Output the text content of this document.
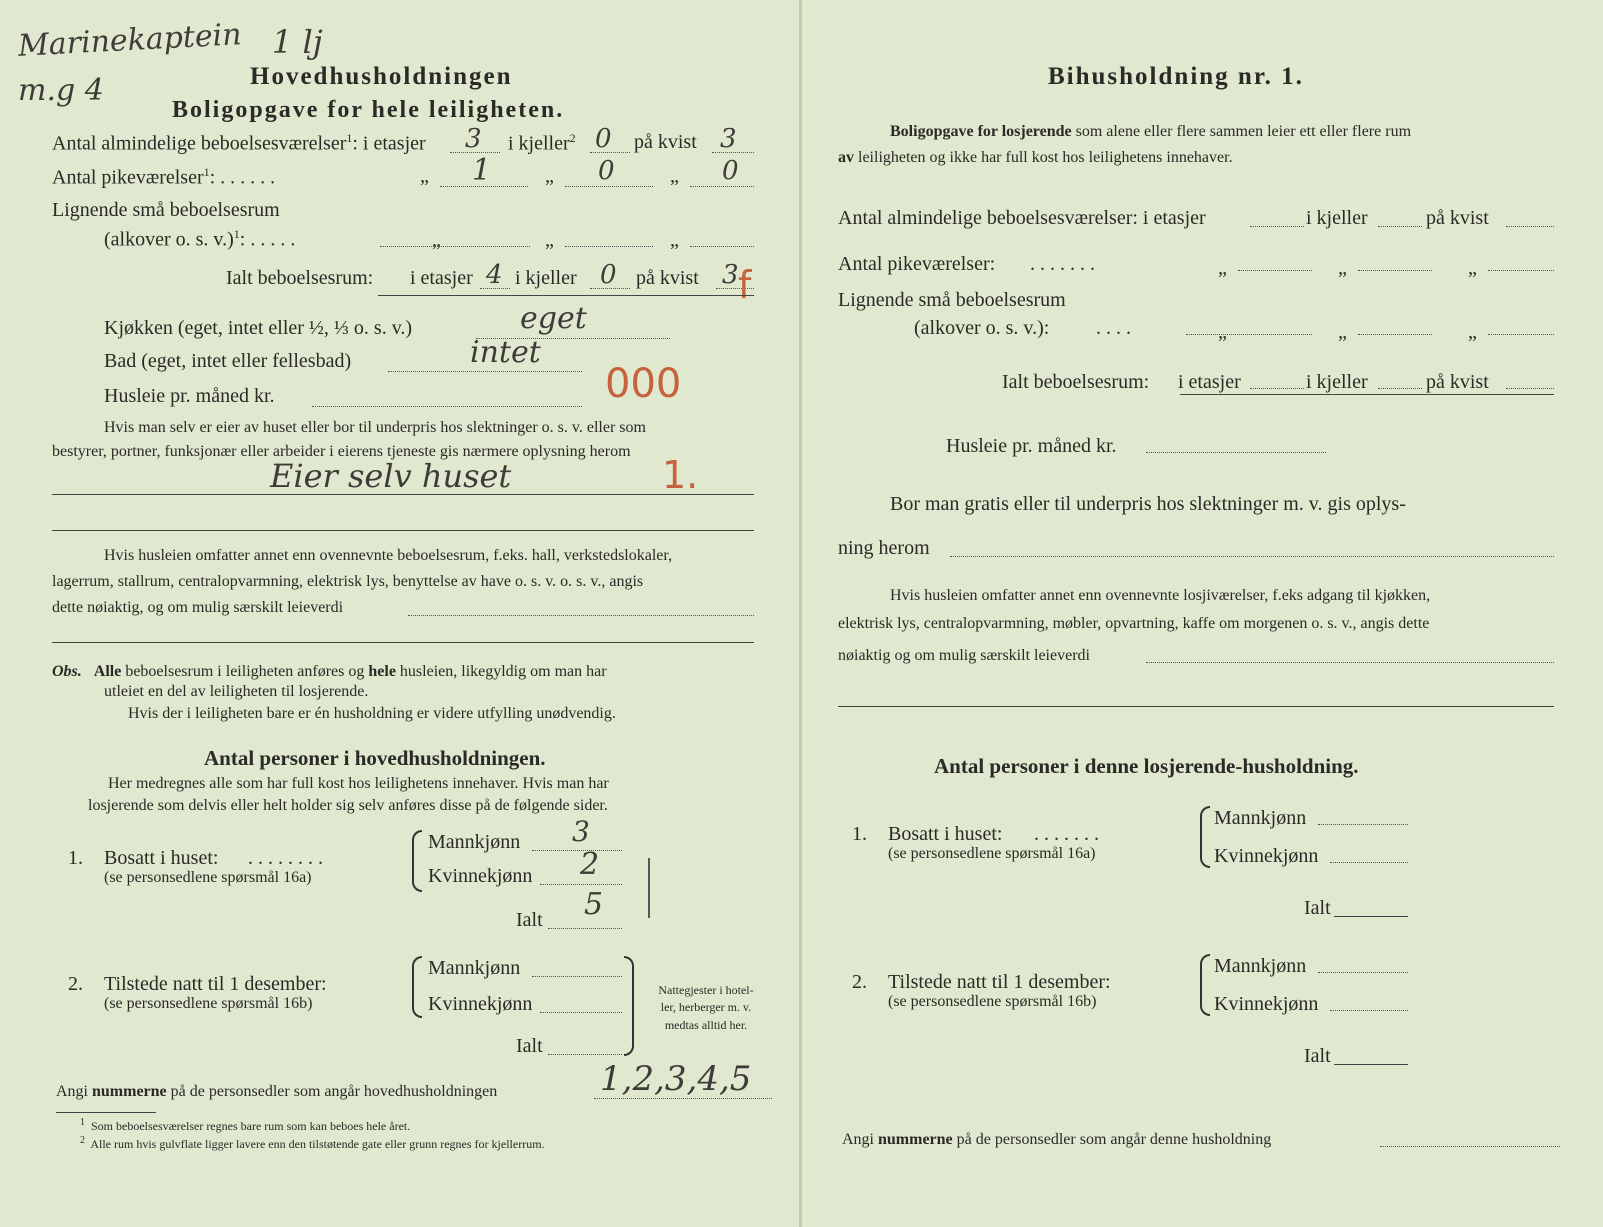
Marinekaptein 1 lj
m.g 4	Hovedhusholdningen
Boligopgave for hele leiligheten.
Antal almindelige beboelsesværelser$^1$: i etasjer 3 i kjeller$^2$ 0 på kvist 3
Antal pikeværelser$^1$: . . . . . .	„ 1	„ 0	„ 0
Lignende små beboelsesrum
(alkover o. s. v.)$^1$: . . . . .	„	„	„
Ialt beboelsesrum: i etasjer 4 i kjeller 0 på kvist 3 f
Kjøkken (eget, intet eller ½, ⅓ o. s. v.)	eget
Bad (eget, intet eller fellesbad)	intet
Husleie pr. måned kr.	000
Hvis man selv er eier av huset eller bor til underpris hos slektninger o. s. v. eller som
bestyrer, portner, funksjonær eller arbeider i eierens tjeneste gis nærmere oplysning herom
Eier selv huset	1.
Hvis husleien omfatter annet enn ovennevnte beboelsesrum, f.eks. hall, verkstedslokaler,
lagerrum, stallrum, centralopvarmning, elektrisk lys, benyttelse av have o. s. v. o. s. v., angis
dette nøiaktig, og om mulig særskilt leieverdi
Obs. Alle beboelsesrum i leiligheten anføres og hele husleien, likegyldig om man har
utleiet en del av leiligheten til losjerende.
Hvis der i leiligheten bare er én husholdning er videre utfylling unødvendig.
Antal personer i hovedhusholdningen.
Her medregnes alle som har full kost hos leilighetens innehaver. Hvis man har
losjerende som delvis eller helt holder sig selv anføres disse på de følgende sider.
1. Bosatt i huset: . . . . . . . .
(se personsedlene spørsmål 16a)
Mannkjønn 3
Kvinnekjønn 2
Ialt 5
2. Tilstede natt til 1 desember:
(se personsedlene spørsmål 16b)
Mannkjønn
Kvinnekjønn
Ialt
Nattegjester i hotel-
ler, herberger m. v.
medtas alltid her.
Angi nummerne på de personsedler som angår hovedhusholdningen	1,2,3,4,5
$^1$ Som beboelsesværelser regnes bare rum som kan beboes hele året.
$^2$ Alle rum hvis gulvflate ligger lavere enn den tilstøtende gate eller grunn regnes for kjellerrum.
Bihusholdning nr. 1.
Boligopgave for losjerende som alene eller flere sammen leier ett eller flere rum
av leiligheten og ikke har full kost hos leilighetens innehaver.
Antal almindelige beboelsesværelser: i etasjer	i kjeller	på kvist
Antal pikeværelser: . . . . . . .	„	„	„
Lignende små beboelsesrum
(alkover o. s. v.): . . . .	„	„	„
Ialt beboelsesrum: i etasjer	i kjeller	på kvist
Husleie pr. måned kr.
Bor man gratis eller til underpris hos slektninger m. v. gis oplys-
ning herom
Hvis husleien omfatter annet enn ovennevnte losjiværelser, f.eks adgang til kjøkken,
elektrisk lys, centralopvarmning, møbler, opvartning, kaffe om morgenen o. s. v., angis dette
nøiaktig og om mulig særskilt leieverdi
Antal personer i denne losjerende-husholdning.
1. Bosatt i huset: . . . . . . .
(se personsedlene spørsmål 16a)
Mannkjønn
Kvinnekjønn
Ialt
2. Tilstede natt til 1 desember:
(se personsedlene spørsmål 16b)
Mannkjønn
Kvinnekjønn
Ialt
Angi nummerne på de personsedler som angår denne husholdning
